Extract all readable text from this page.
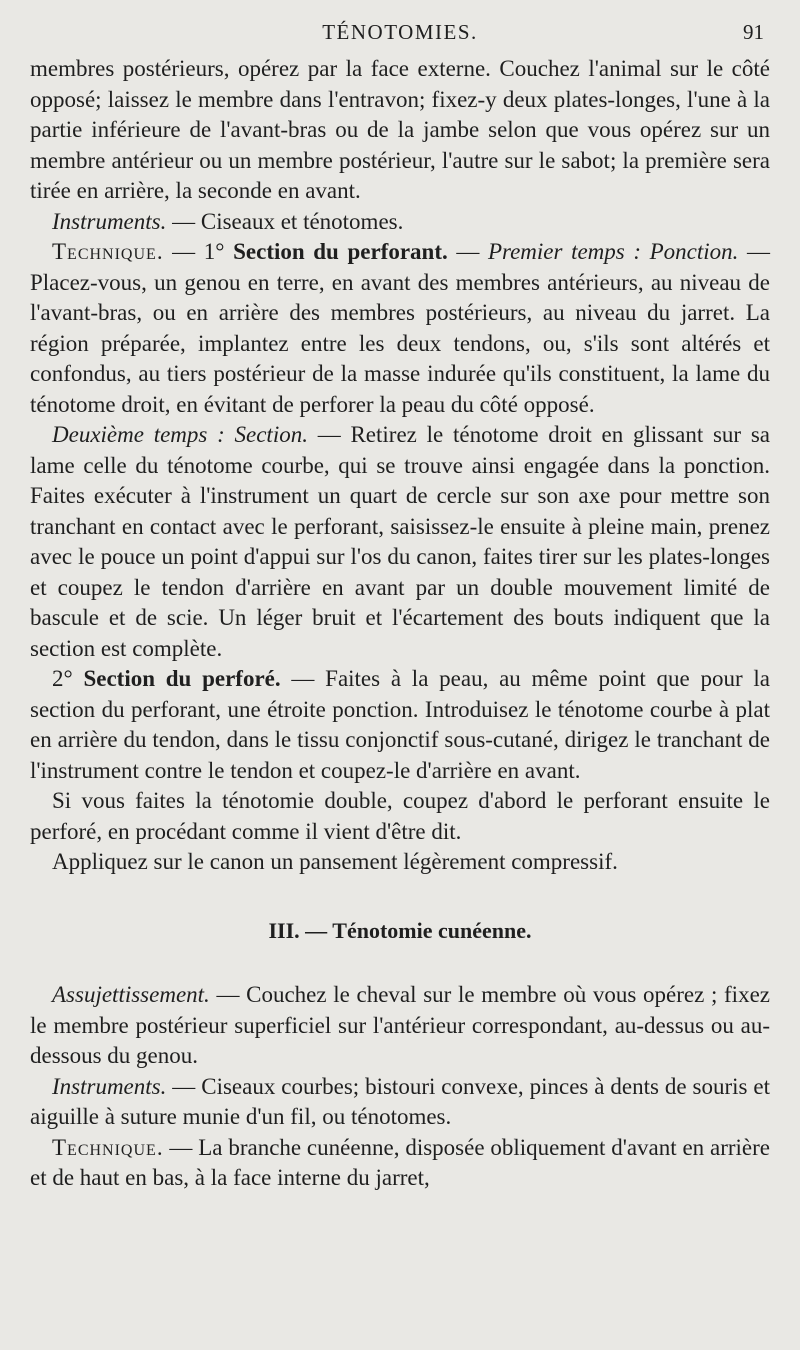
TÉNOTOMIES.	91

membres postérieurs, opérez par la face externe. Couchez l'animal sur le côté opposé; laissez le membre dans l'entravon; fixez-y deux plates-longes, l'une à la partie inférieure de l'avant-bras ou de la jambe selon que vous opérez sur un membre antérieur ou un membre postérieur, l'autre sur le sabot; la première sera tirée en arrière, la seconde en avant.

Instruments. — Ciseaux et ténotomes.

Technique. — 1° Section du perforant. — Premier temps : Ponction. — Placez-vous, un genou en terre, en avant des membres antérieurs, au niveau de l'avant-bras, ou en arrière des membres postérieurs, au niveau du jarret. La région préparée, implantez entre les deux tendons, ou, s'ils sont altérés et confondus, au tiers postérieur de la masse indurée qu'ils constituent, la lame du ténotome droit, en évitant de perforer la peau du côté opposé.

Deuxième temps : Section. — Retirez le ténotome droit en glissant sur sa lame celle du ténotome courbe, qui se trouve ainsi engagée dans la ponction. Faites exécuter à l'instrument un quart de cercle sur son axe pour mettre son tranchant en contact avec le perforant, saisissez-le ensuite à pleine main, prenez avec le pouce un point d'appui sur l'os du canon, faites tirer sur les plates-longes et coupez le tendon d'arrière en avant par un double mouvement limité de bascule et de scie. Un léger bruit et l'écartement des bouts indiquent que la section est complète.

2° Section du perforé. — Faites à la peau, au même point que pour la section du perforant, une étroite ponction. Introduisez le ténotome courbe à plat en arrière du tendon, dans le tissu conjonctif sous-cutané, dirigez le tranchant de l'instrument contre le tendon et coupez-le d'arrière en avant.

Si vous faites la ténotomie double, coupez d'abord le perforant ensuite le perforé, en procédant comme il vient d'être dit.

Appliquez sur le canon un pansement légèrement compressif.

III. — Ténotomie cunéenne.

Assujettissement. — Couchez le cheval sur le membre où vous opérez ; fixez le membre postérieur superficiel sur l'antérieur correspondant, au-dessus ou au-dessous du genou.

Instruments. — Ciseaux courbes; bistouri convexe, pinces à dents de souris et aiguille à suture munie d'un fil, ou ténotomes.

Technique. — La branche cunéenne, disposée obliquement d'avant en arrière et de haut en bas, à la face interne du jarret,
